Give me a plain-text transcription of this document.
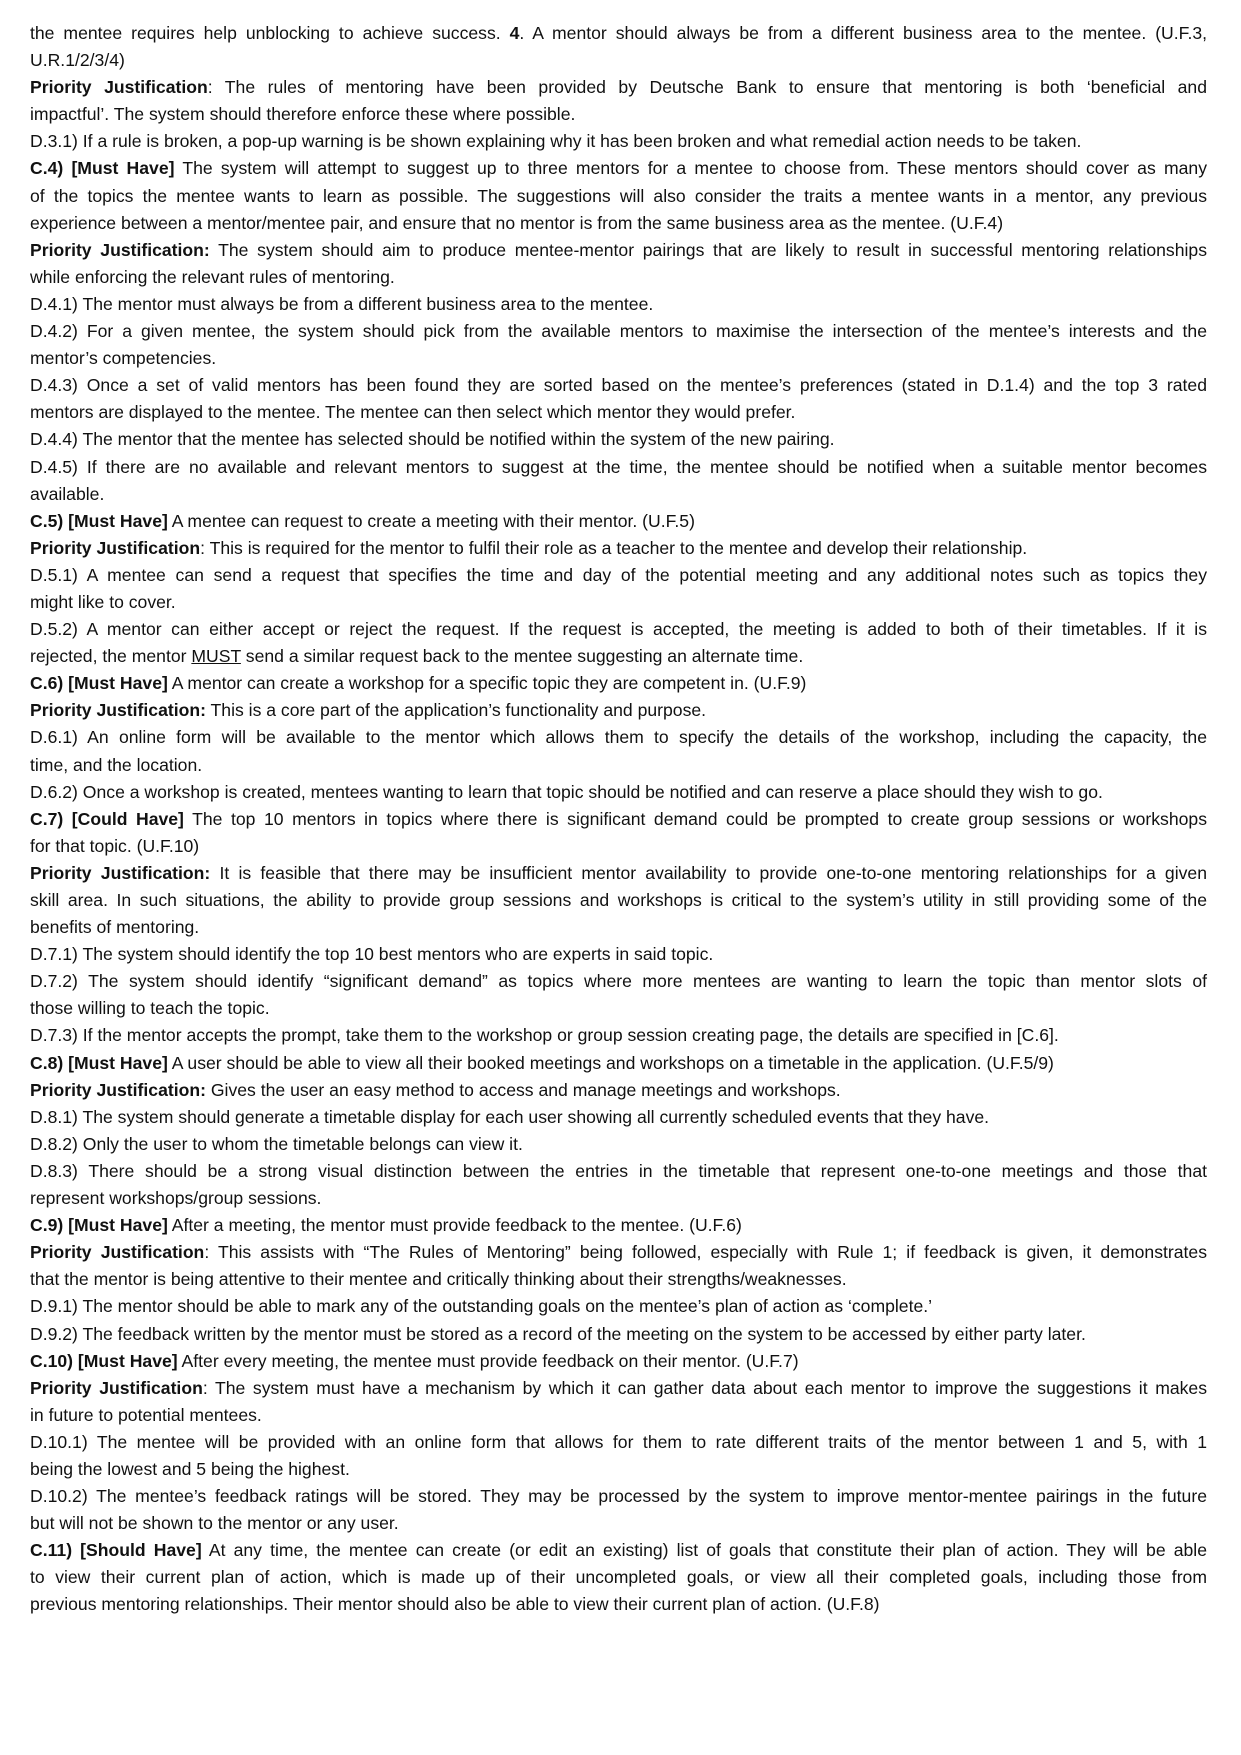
the mentee requires help unblocking to achieve success. 4. A mentor should always be from a different business area to the mentee. (U.F.3,
U.R.1/2/3/4)
Priority Justification: The rules of mentoring have been provided by Deutsche Bank to ensure that mentoring is both ‘beneficial and
impactful’. The system should therefore enforce these where possible.
D.3.1) If a rule is broken, a pop-up warning is be shown explaining why it has been broken and what remedial action needs to be taken.
C.4) [Must Have] The system will attempt to suggest up to three mentors for a mentee to choose from. These mentors should cover as many
of the topics the mentee wants to learn as possible. The suggestions will also consider the traits a mentee wants in a mentor, any previous
experience between a mentor/mentee pair, and ensure that no mentor is from the same business area as the mentee. (U.F.4)
Priority Justification: The system should aim to produce mentee-mentor pairings that are likely to result in successful mentoring relationships
while enforcing the relevant rules of mentoring.
D.4.1) The mentor must always be from a different business area to the mentee.
D.4.2) For a given mentee, the system should pick from the available mentors to maximise the intersection of the mentee’s interests and the
mentor’s competencies.
D.4.3) Once a set of valid mentors has been found they are sorted based on the mentee’s preferences (stated in D.1.4) and the top 3 rated
mentors are displayed to the mentee. The mentee can then select which mentor they would prefer.
D.4.4) The mentor that the mentee has selected should be notified within the system of the new pairing.
D.4.5) If there are no available and relevant mentors to suggest at the time, the mentee should be notified when a suitable mentor becomes
available.
C.5) [Must Have] A mentee can request to create a meeting with their mentor. (U.F.5)
Priority Justification: This is required for the mentor to fulfil their role as a teacher to the mentee and develop their relationship.
D.5.1) A mentee can send a request that specifies the time and day of the potential meeting and any additional notes such as topics they
might like to cover.
D.5.2) A mentor can either accept or reject the request. If the request is accepted, the meeting is added to both of their timetables. If it is
rejected, the mentor MUST send a similar request back to the mentee suggesting an alternate time.
C.6) [Must Have] A mentor can create a workshop for a specific topic they are competent in. (U.F.9)
Priority Justification: This is a core part of the application’s functionality and purpose.
D.6.1) An online form will be available to the mentor which allows them to specify the details of the workshop, including the capacity, the
time, and the location.
D.6.2) Once a workshop is created, mentees wanting to learn that topic should be notified and can reserve a place should they wish to go.
C.7) [Could Have] The top 10 mentors in topics where there is significant demand could be prompted to create group sessions or workshops
for that topic. (U.F.10)
Priority Justification: It is feasible that there may be insufficient mentor availability to provide one-to-one mentoring relationships for a given
skill area. In such situations, the ability to provide group sessions and workshops is critical to the system’s utility in still providing some of the
benefits of mentoring.
D.7.1) The system should identify the top 10 best mentors who are experts in said topic.
D.7.2) The system should identify “significant demand” as topics where more mentees are wanting to learn the topic than mentor slots of
those willing to teach the topic.
D.7.3) If the mentor accepts the prompt, take them to the workshop or group session creating page, the details are specified in [C.6].
C.8) [Must Have] A user should be able to view all their booked meetings and workshops on a timetable in the application. (U.F.5/9)
Priority Justification: Gives the user an easy method to access and manage meetings and workshops.
D.8.1) The system should generate a timetable display for each user showing all currently scheduled events that they have.
D.8.2) Only the user to whom the timetable belongs can view it.
D.8.3) There should be a strong visual distinction between the entries in the timetable that represent one-to-one meetings and those that
represent workshops/group sessions.
C.9) [Must Have] After a meeting, the mentor must provide feedback to the mentee. (U.F.6)
Priority Justification: This assists with “The Rules of Mentoring” being followed, especially with Rule 1; if feedback is given, it demonstrates
that the mentor is being attentive to their mentee and critically thinking about their strengths/weaknesses.
D.9.1) The mentor should be able to mark any of the outstanding goals on the mentee’s plan of action as ‘complete.’
D.9.2) The feedback written by the mentor must be stored as a record of the meeting on the system to be accessed by either party later.
C.10) [Must Have] After every meeting, the mentee must provide feedback on their mentor. (U.F.7)
Priority Justification: The system must have a mechanism by which it can gather data about each mentor to improve the suggestions it makes
in future to potential mentees.
D.10.1) The mentee will be provided with an online form that allows for them to rate different traits of the mentor between 1 and 5, with 1
being the lowest and 5 being the highest.
D.10.2) The mentee’s feedback ratings will be stored. They may be processed by the system to improve mentor-mentee pairings in the future
but will not be shown to the mentor or any user.
C.11) [Should Have] At any time, the mentee can create (or edit an existing) list of goals that constitute their plan of action. They will be able
to view their current plan of action, which is made up of their uncompleted goals, or view all their completed goals, including those from
previous mentoring relationships. Their mentor should also be able to view their current plan of action. (U.F.8)
